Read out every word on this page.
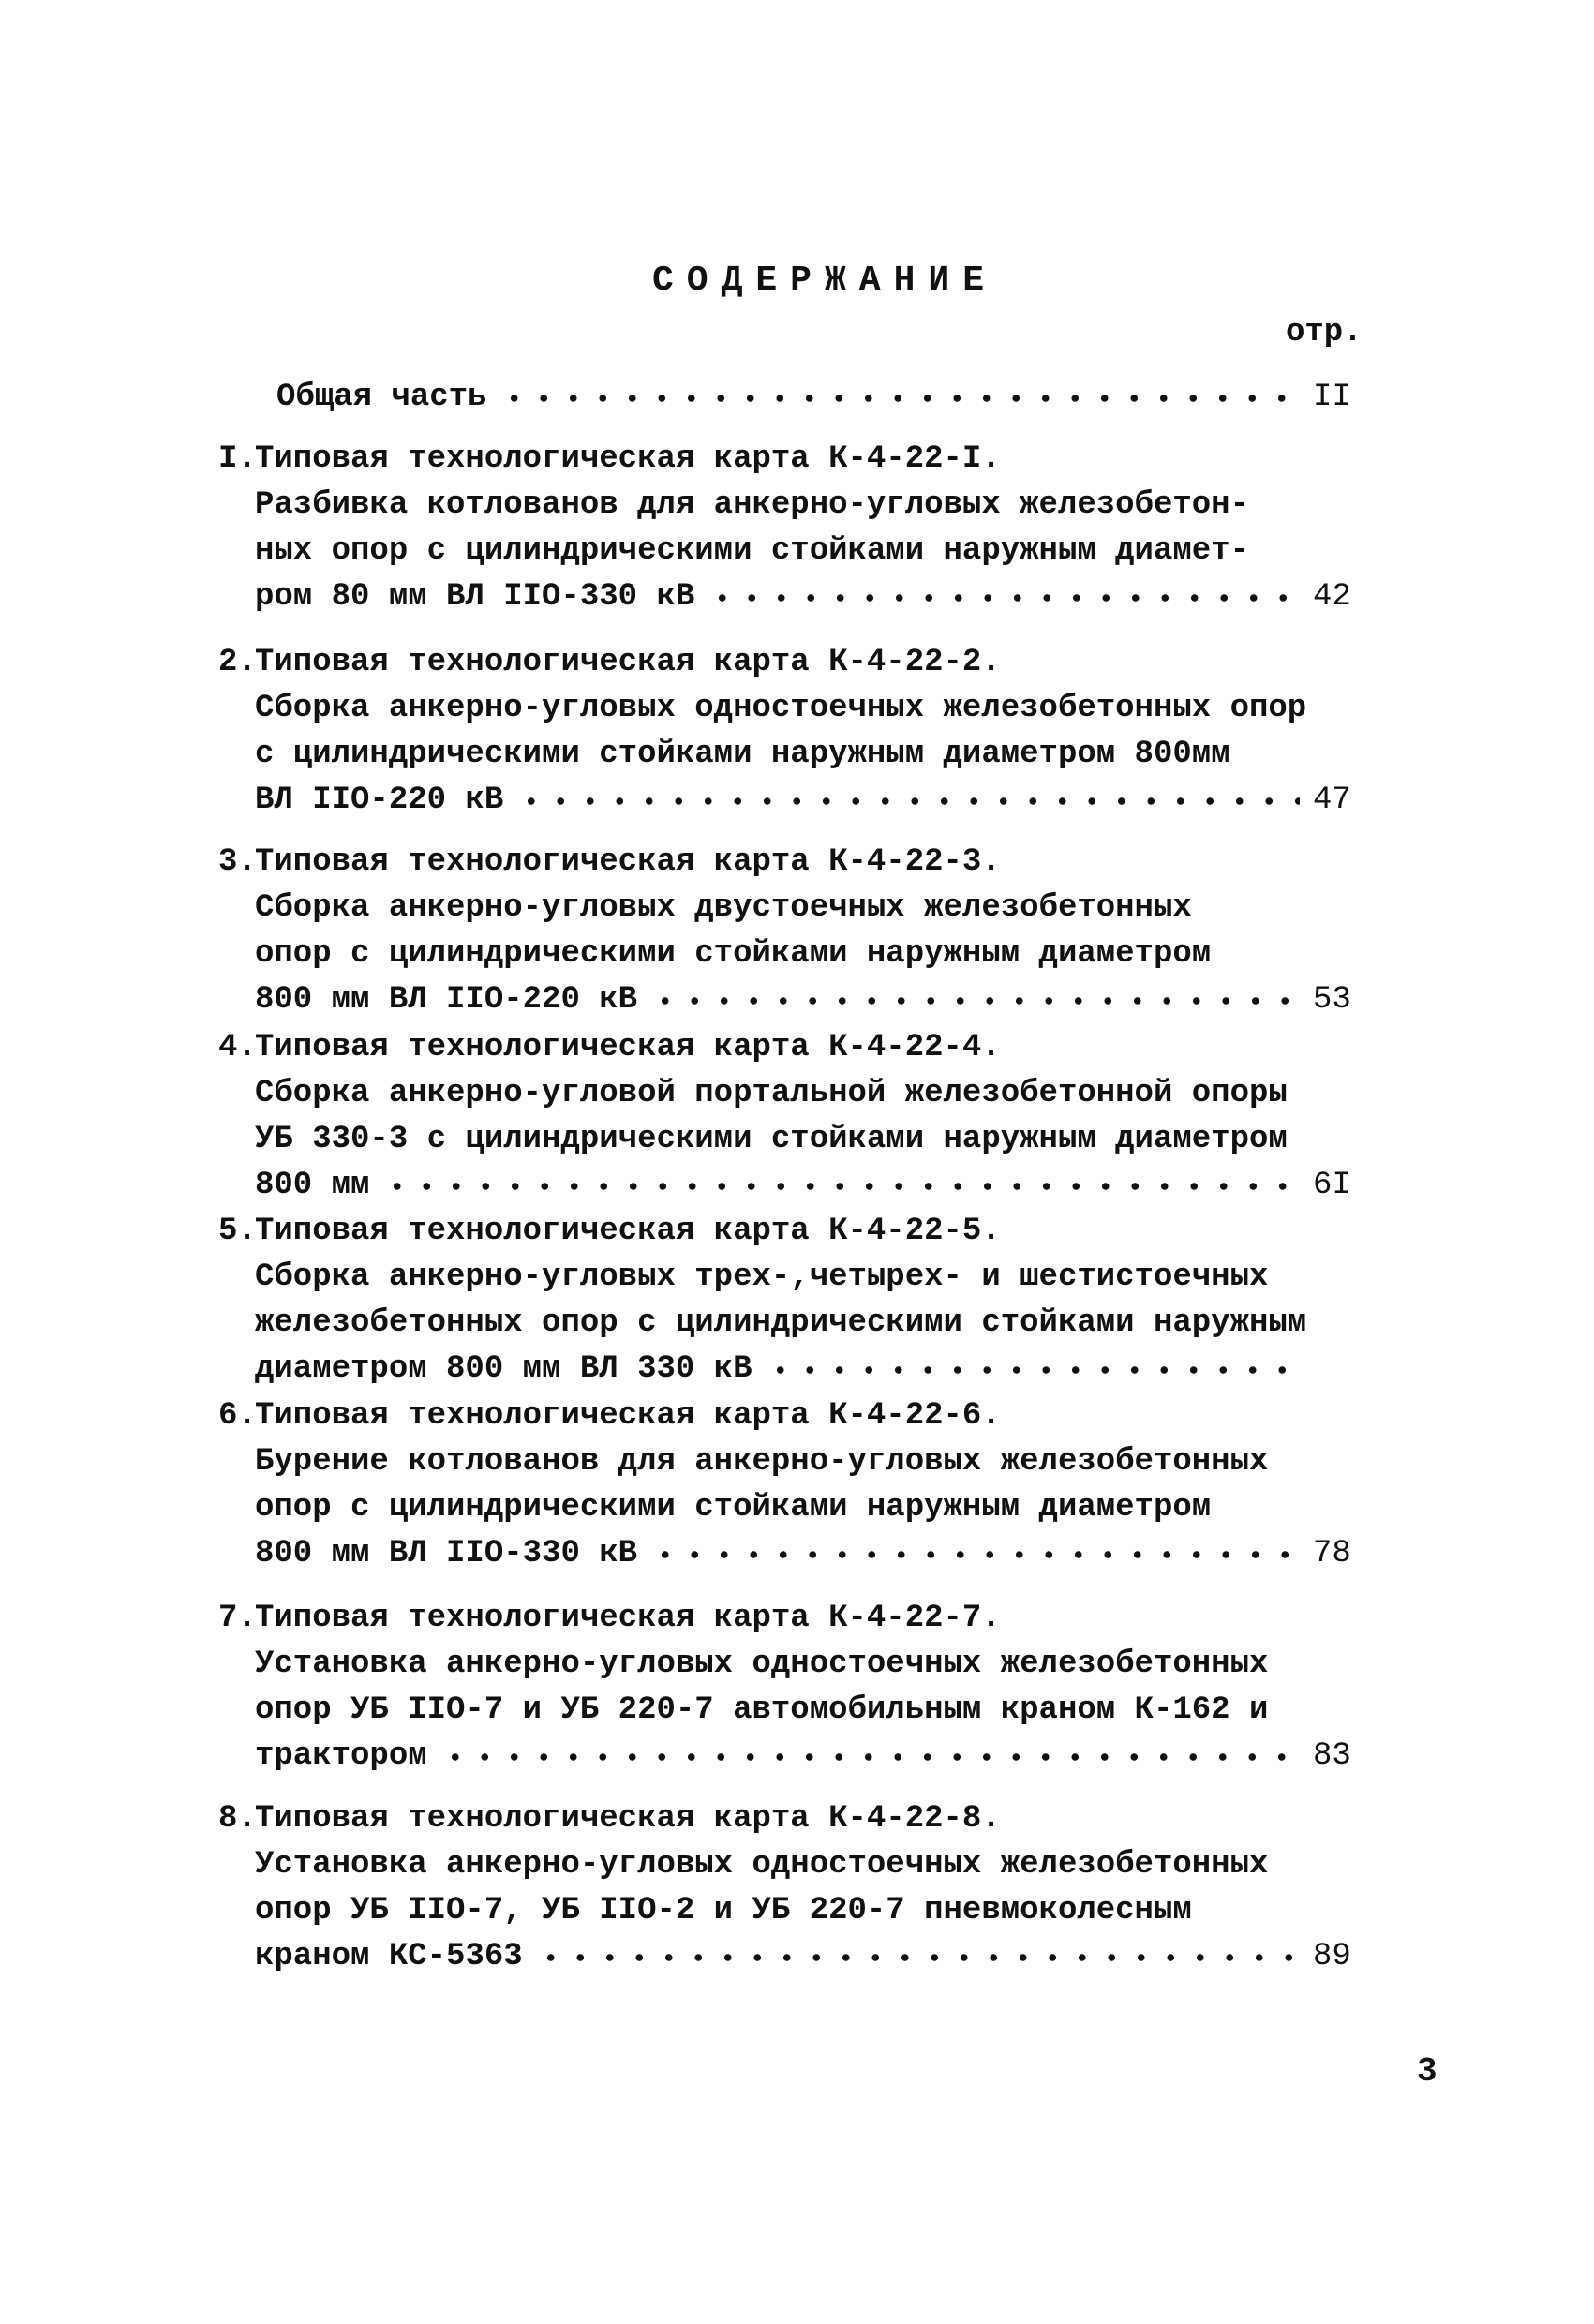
СОДЕРЖАНИЕ
отр.
Общая часть	II
I.
Типовая технологическая карта К-4-22-I.
Разбивка котлованов для анкерно-угловых железобетон-
ных опор с цилиндрическими стойками наружным диамет-
ром 80 мм ВЛ IIO-330 кВ	42
2.
Типовая технологическая карта К-4-22-2.
Сборка анкерно-угловых одностоечных железобетонных опор
с цилиндрическими стойками наружным диаметром 800мм
ВЛ IIO-220 кВ	47
3.
Типовая технологическая карта К-4-22-3.
Сборка анкерно-угловых двустоечных железобетонных
опор с цилиндрическими стойками наружным диаметром
800 мм ВЛ IIO-220 кВ	53
4.
Типовая технологическая карта К-4-22-4.
Сборка анкерно-угловой портальной железобетонной опоры
УБ 330-3 с цилиндрическими стойками наружным диаметром
800 мм	6I
5.
Типовая технологическая карта К-4-22-5.
Сборка анкерно-угловых трех-,четырех- и шестистоечных
железобетонных опор с цилиндрическими стойками наружным
диаметром 800 мм ВЛ 330 кВ
6.
Типовая технологическая карта К-4-22-6.
Бурение котлованов для анкерно-угловых железобетонных
опор с цилиндрическими стойками наружным диаметром
800 мм ВЛ IIO-330 кВ	78
7.
Типовая технологическая карта К-4-22-7.
Установка анкерно-угловых одностоечных железобетонных
опор УБ IIO-7 и УБ 220-7 автомобильным краном К-162 и
трактором	83
8.
Типовая технологическая карта К-4-22-8.
Установка анкерно-угловых одностоечных железобетонных
опор УБ IIO-7, УБ IIO-2 и УБ 220-7 пневмоколесным
краном КС-5363	89
3
